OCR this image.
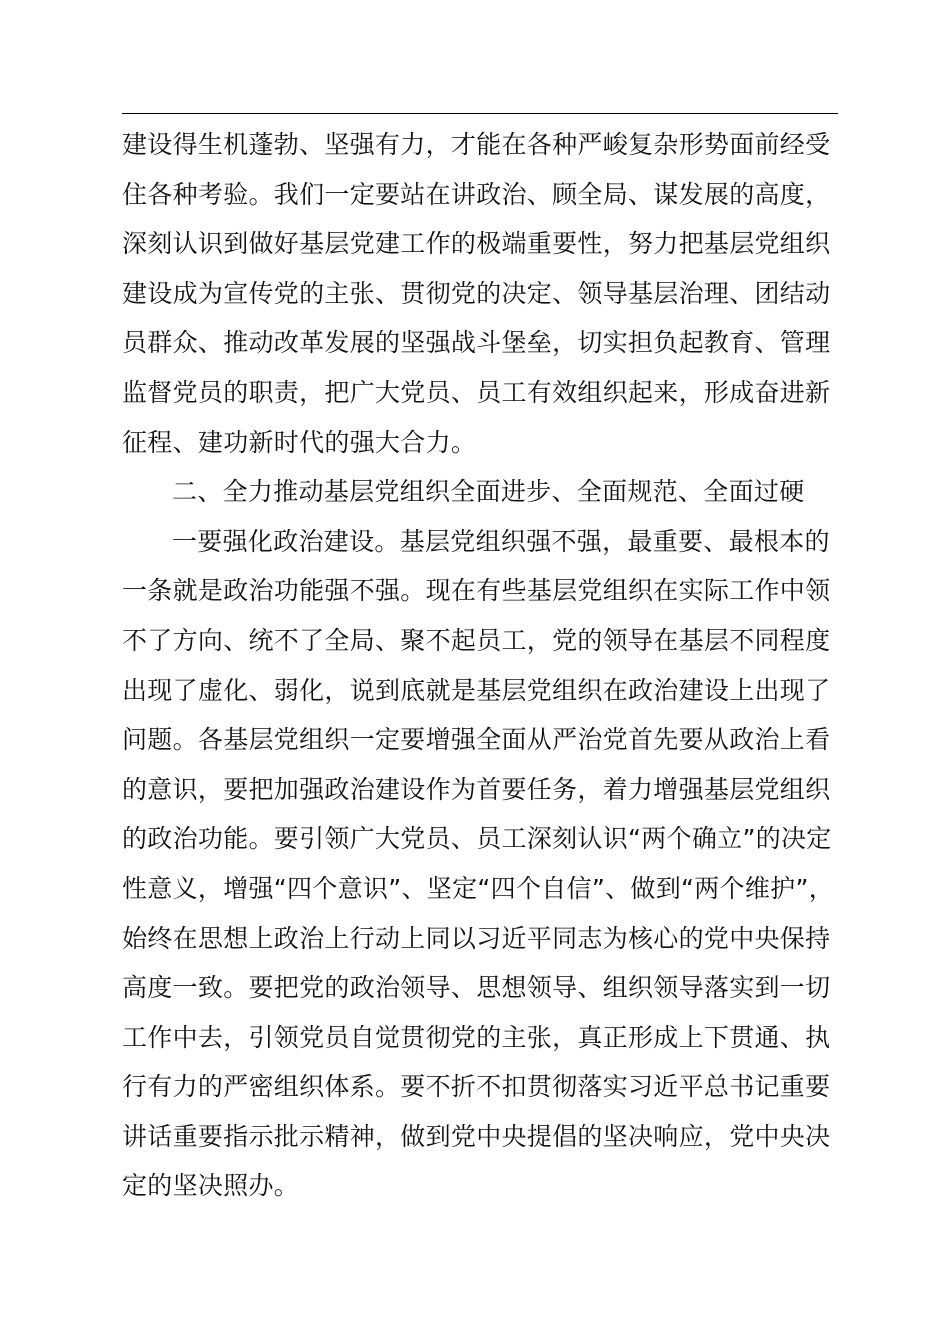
建设得生机蓬勃、坚强有力，才能在各种严峻复杂形势面前经受
住各种考验。我们一定要站在讲政治、顾全局、谋发展的高度，
深刻认识到做好基层党建工作的极端重要性，努力把基层党组织
建设成为宣传党的主张、贯彻党的决定、领导基层治理、团结动
员群众、推动改革发展的坚强战斗堡垒，切实担负起教育、管理
监督党员的职责，把广大党员、员工有效组织起来，形成奋进新
征程、建功新时代的强大合力。
二、全力推动基层党组织全面进步、全面规范、全面过硬
一要强化政治建设。基层党组织强不强，最重要、最根本的
一条就是政治功能强不强。现在有些基层党组织在实际工作中领
不了方向、统不了全局、聚不起员工，党的领导在基层不同程度
出现了虚化、弱化，说到底就是基层党组织在政治建设上出现了
问题。各基层党组织一定要增强全面从严治党首先要从政治上看
的意识，要把加强政治建设作为首要任务，着力增强基层党组织
的政治功能。要引领广大党员、员工深刻认识“两个确立”的决定
性意义，增强“四个意识”、坚定“四个自信”、做到“两个维护”，
始终在思想上政治上行动上同以习近平同志为核心的党中央保持
高度一致。要把党的政治领导、思想领导、组织领导落实到一切
工作中去，引领党员自觉贯彻党的主张，真正形成上下贯通、执
行有力的严密组织体系。要不折不扣贯彻落实习近平总书记重要
讲话重要指示批示精神，做到党中央提倡的坚决响应，党中央决
定的坚决照办。
